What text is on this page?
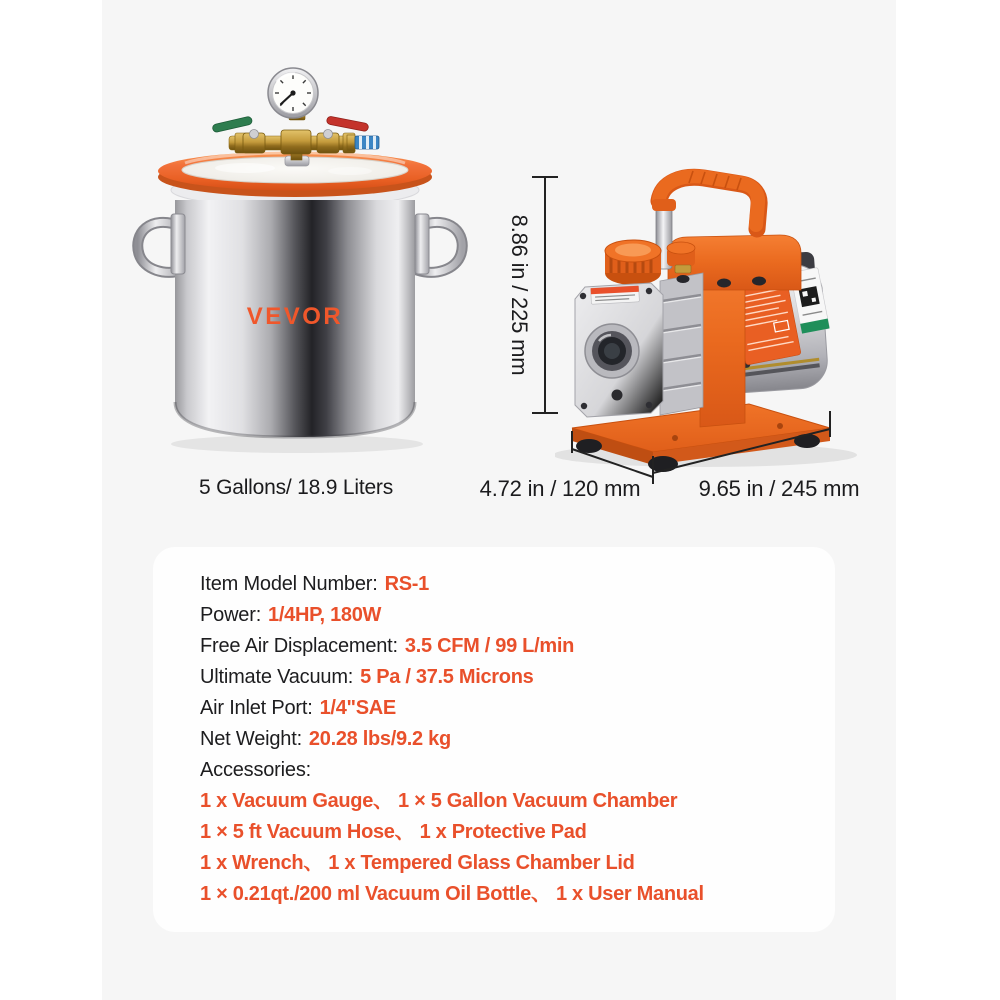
VEVOR	8.86 in / 225 mm
4.72 in / 120 mm	9.65 in / 245 mm
5 Gallons/ 18.9 Liters
Item Model Number: RS-1
Power: 1/4HP, 180W
Free Air Displacement: 3.5 CFM / 99 L/min
Ultimate Vacuum: 5 Pa / 37.5 Microns
Air Inlet Port: 1/4"SAE
Net Weight: 20.28 lbs/9.2 kg
Accessories:
1 x Vacuum Gauge、 1 × 5 Gallon Vacuum Chamber
1 × 5 ft Vacuum Hose、 1 x Protective Pad
1 x Wrench、 1 x Tempered Glass Chamber Lid
1 × 0.21qt./200 ml Vacuum Oil Bottle、 1 x User Manual
